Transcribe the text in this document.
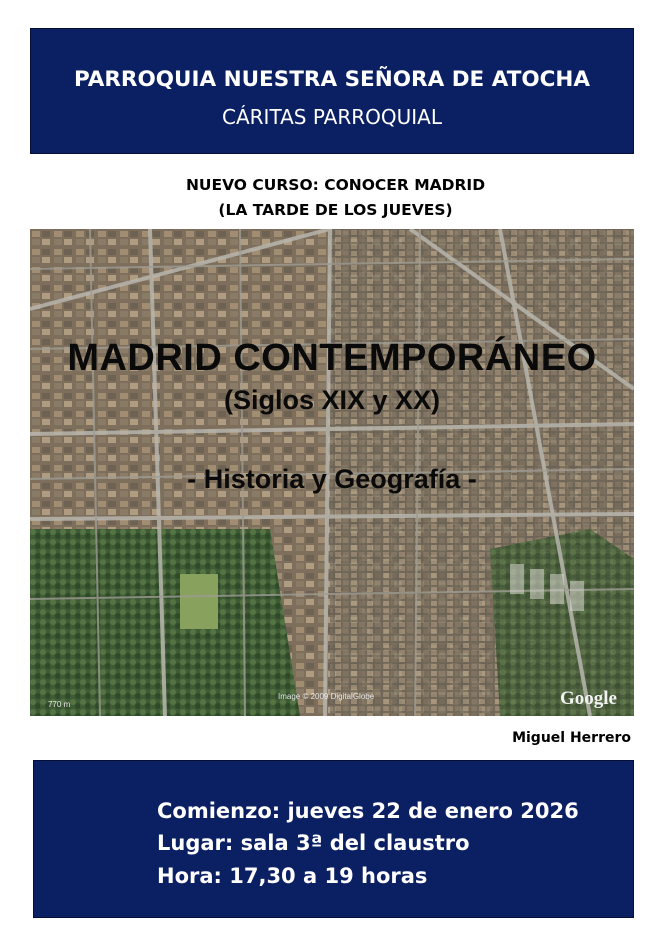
PARROQUIA NUESTRA SEÑORA DE ATOCHA
CÁRITAS PARROQUIAL
NUEVO CURSO: CONOCER MADRID
(LA TARDE DE LOS JUEVES)
MADRID CONTEMPORÁNEO
(Siglos XIX y XX)
- Historia y Geografía -
Image © 2009 DigitalGlobe
770 m	Google
Miguel Herrero
Comienzo: jueves 22 de enero 2026
Lugar: sala 3ª del claustro
Hora: 17,30 a 19 horas
